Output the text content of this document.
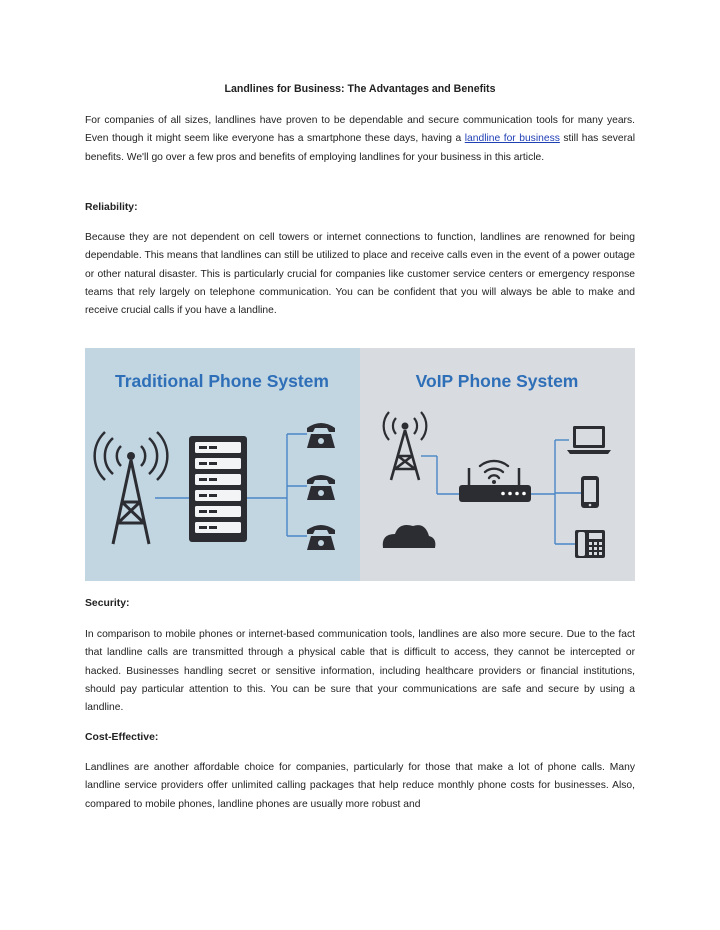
Landlines for Business: The Advantages and Benefits

For companies of all sizes, landlines have proven to be dependable and secure communication tools for many years. Even though it might seem like everyone has a smartphone these days, having a landline for business still has several benefits. We'll go over a few pros and benefits of employing landlines for your business in this article.

Reliability:

Because they are not dependent on cell towers or internet connections to function, landlines are renowned for being dependable. This means that landlines can still be utilized to place and receive calls even in the event of a power outage or other natural disaster. This is particularly crucial for companies like customer service centers or emergency response teams that rely largely on telephone communication. You can be confident that you will always be able to make and receive crucial calls if you have a landline.

Traditional Phone System	VoIP Phone System
Security:

In comparison to mobile phones or internet-based communication tools, landlines are also more secure. Due to the fact that landline calls are transmitted through a physical cable that is difficult to access, they cannot be intercepted or hacked. Businesses handling secret or sensitive information, including healthcare providers or financial institutions, should pay particular attention to this. You can be sure that your communications are safe and secure by using a landline.

Cost-Effective:

Landlines are another affordable choice for companies, particularly for those that make a lot of phone calls. Many landline service providers offer unlimited calling packages that help reduce monthly phone costs for businesses. Also, compared to mobile phones, landline phones are usually more robust and
